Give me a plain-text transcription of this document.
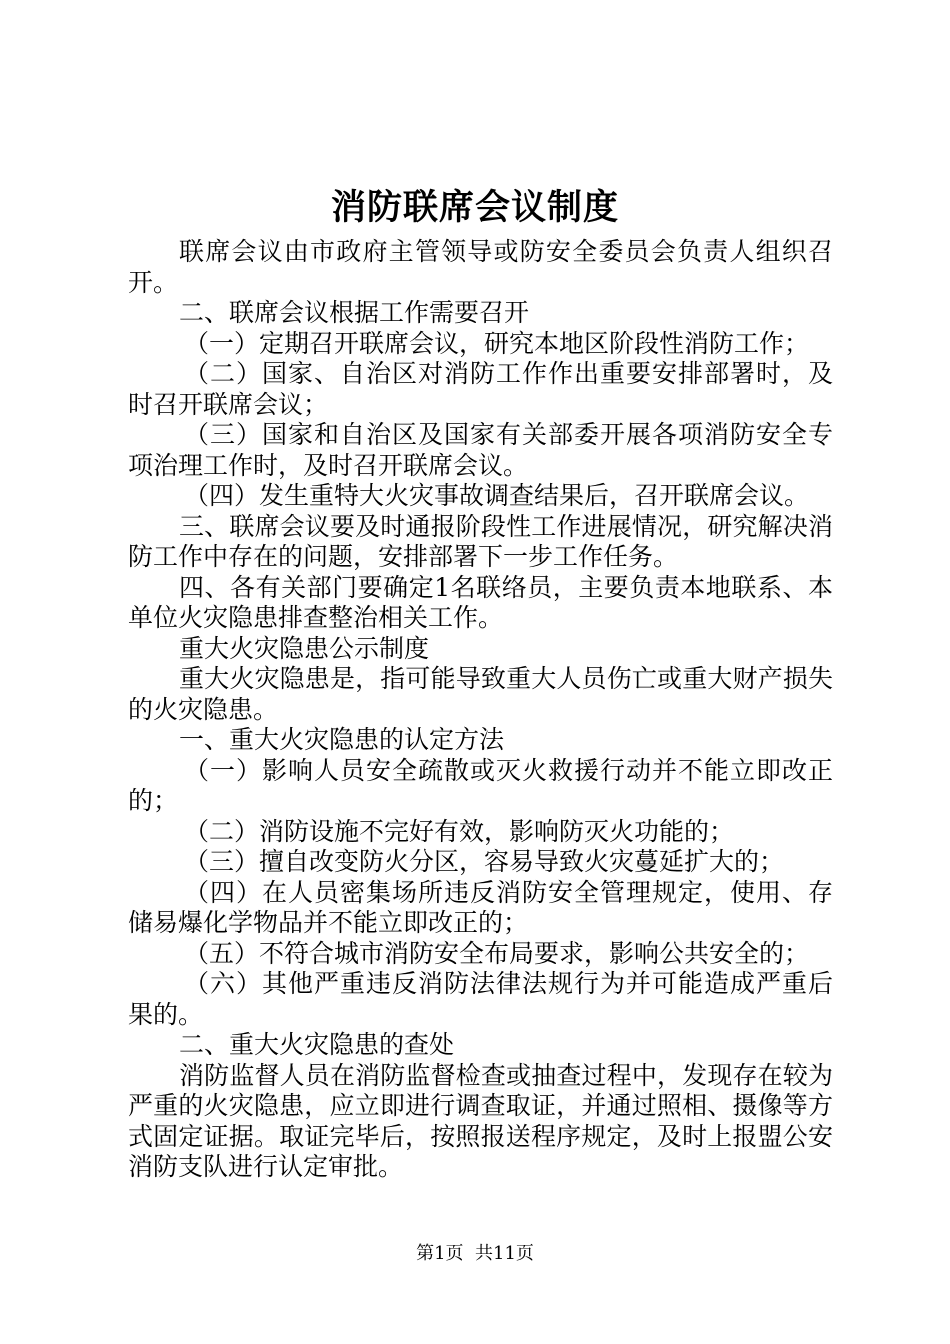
消防联席会议制度

联席会议由市政府主管领导或防安全委员会负责人组织召开。

二、联席会议根据工作需要召开

（一）定期召开联席会议，研究本地区阶段性消防工作；

（二）国家、自治区对消防工作作出重要安排部署时，及时召开联席会议；

（三）国家和自治区及国家有关部委开展各项消防安全专项治理工作时，及时召开联席会议。

（四）发生重特大火灾事故调查结果后，召开联席会议。

三、联席会议要及时通报阶段性工作进展情况，研究解决消防工作中存在的问题，安排部署下一步工作任务。

四、各有关部门要确定1名联络员，主要负责本地联系、本单位火灾隐患排查整治相关工作。

重大火灾隐患公示制度

重大火灾隐患是，指可能导致重大人员伤亡或重大财产损失的火灾隐患。

一、重大火灾隐患的认定方法

（一）影响人员安全疏散或灭火救援行动并不能立即改正的；

（二）消防设施不完好有效，影响防灭火功能的；

（三）擅自改变防火分区，容易导致火灾蔓延扩大的；

（四）在人员密集场所违反消防安全管理规定，使用、存储易爆化学物品并不能立即改正的；

（五）不符合城市消防安全布局要求，影响公共安全的；

（六）其他严重违反消防法律法规行为并可能造成严重后果的。

二、重大火灾隐患的查处

消防监督人员在消防监督检查或抽查过程中，发现存在较为严重的火灾隐患，应立即进行调查取证，并通过照相、摄像等方式固定证据。取证完毕后，按照报送程序规定，及时上报盟公安消防支队进行认定审批。

第1页  共11页
